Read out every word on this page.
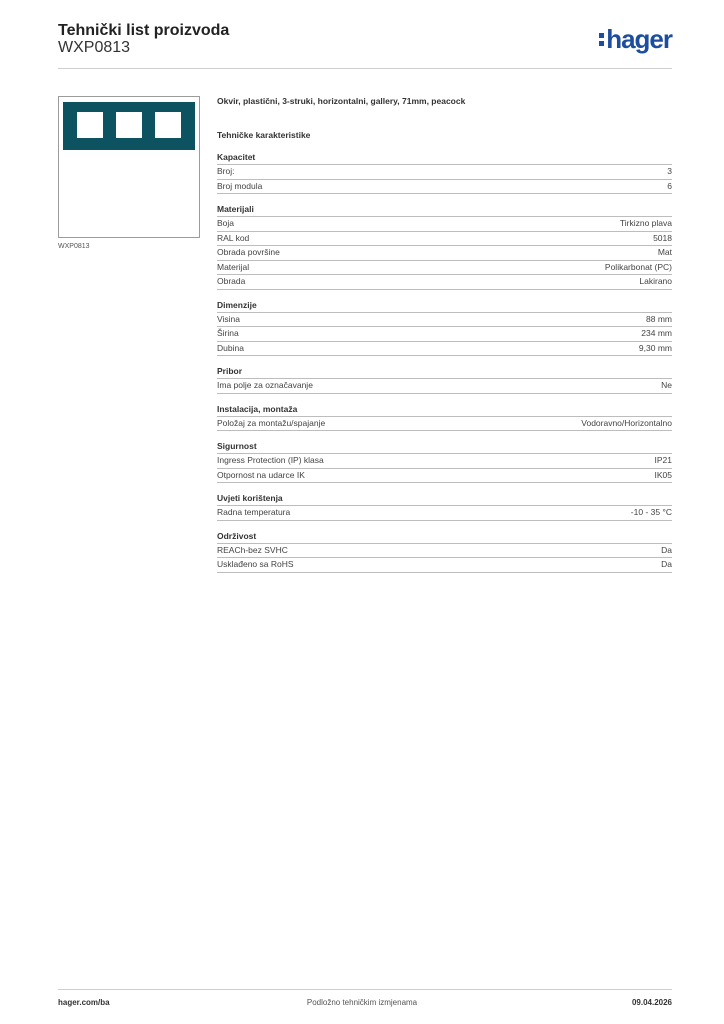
Tehnički list proizvoda
WXP0813	hager
WXP0813
Okvir, plastični, 3-struki, horizontalni, gallery, 71mm, peacock
Tehničke karakteristike
Kapacitet
Broj:	3
Broj modula	6
Materijali
Boja	Tirkizno plava
RAL kod	5018
Obrada površine	Mat
Materijal	Polikarbonat (PC)
Obrada	Lakirano
Dimenzije
Visina	88 mm
Širina	234 mm
Dubina	9,30 mm
Pribor
Ima polje za označavanje	Ne
Instalacija, montaža
Položaj za montažu/spajanje	Vodoravno/Horizontalno
Sigurnost
Ingress Protection (IP) klasa	IP21
Otpornost na udarce IK	IK05
Uvjeti korištenja
Radna temperatura	-10 - 35 °C
Održivost
REACh-bez SVHC	Da
Usklađeno sa RoHS	Da
hager.com/ba	Podložno tehničkim izmjenama	09.04.2026
